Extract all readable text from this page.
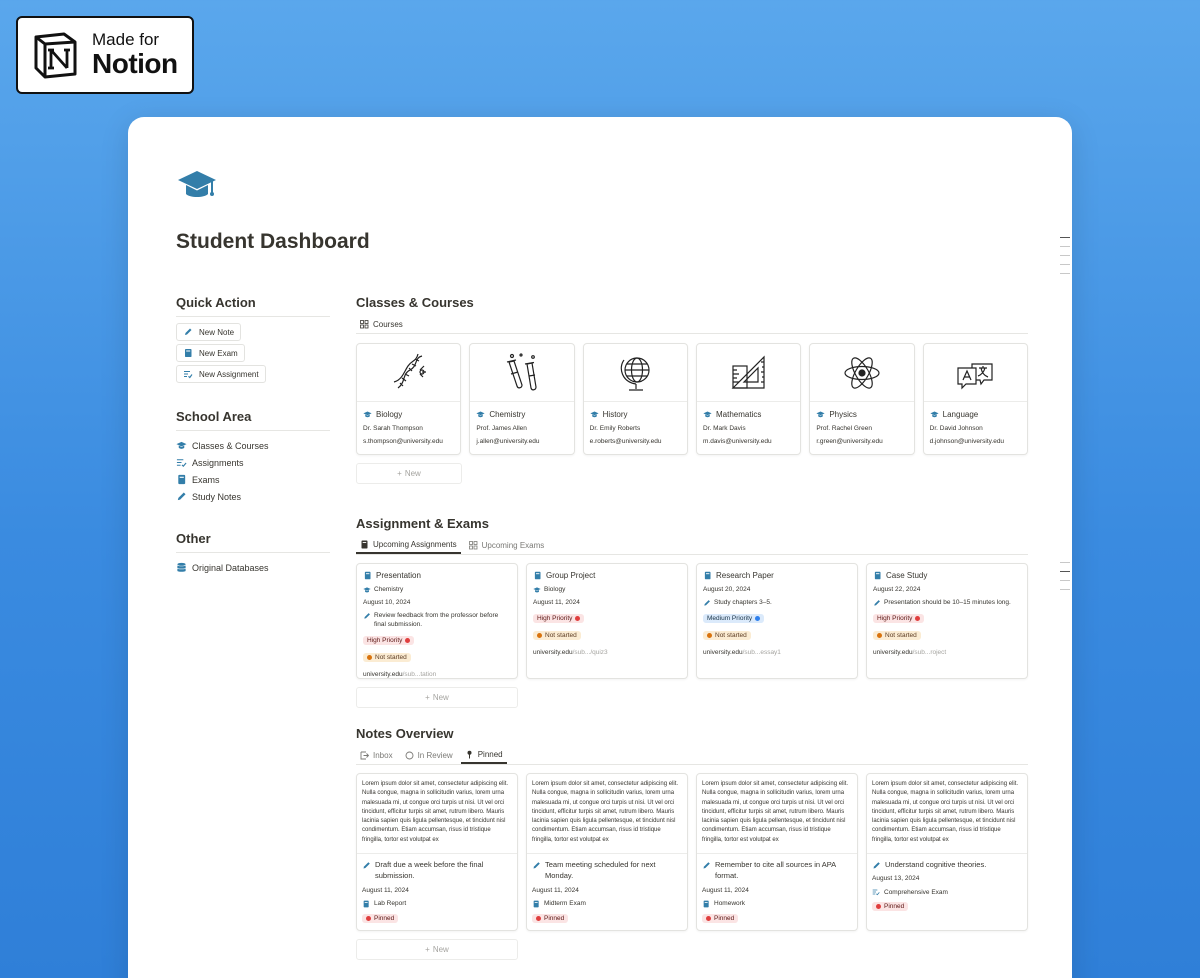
Made for
Notion
Student Dashboard
Quick Action
New Note
New Exam
New Assignment
School Area
Classes & Courses
Assignments
Exams
Study Notes
Other
Original Databases
Classes & Courses
Courses
Biology
Dr. Sarah Thompson
s.thompson@university.edu
Chemistry
Prof. James Allen
j.allen@university.edu
History
Dr. Emily Roberts
e.roberts@university.edu
Mathematics
Dr. Mark Davis
m.davis@university.edu
Physics
Prof. Rachel Green
r.green@university.edu
Language
Dr. David Johnson
d.johnson@university.edu
+ New
Assignment & Exams
Upcoming Assignments	Upcoming Exams
Presentation
Chemistry
August 10, 2024
Review feedback from the professor before final submission.
High Priority
Not started
university.edu/sub...tation
Group Project
Biology
August 11, 2024
High Priority
Not started
university.edu/sub.../quiz3
Research Paper
August 20, 2024
Study chapters 3–5.
Medium Priority
Not started
university.edu/sub...essay1
Case Study
August 22, 2024
Presentation should be 10–15 minutes long.
High Priority
Not started
university.edu/sub...roject
+ New
Notes Overview
Inbox	In Review	Pinned
Lorem ipsum dolor sit amet, consectetur adipiscing elit. Nulla congue, magna in sollicitudin varius, lorem urna malesuada mi, ut congue orci turpis ut nisi. Ut vel orci tincidunt, efficitur turpis sit amet, rutrum libero. Mauris lacinia sapien quis ligula pellentesque, et tincidunt nisl condimentum. Etiam accumsan, risus id tristique fringilla, tortor est volutpat ex
Draft due a week before the final submission.
August 11, 2024
Lab Report
Pinned
Lorem ipsum dolor sit amet, consectetur adipiscing elit. Nulla congue, magna in sollicitudin varius, lorem urna malesuada mi, ut congue orci turpis ut nisi. Ut vel orci tincidunt, efficitur turpis sit amet, rutrum libero. Mauris lacinia sapien quis ligula pellentesque, et tincidunt nisl condimentum. Etiam accumsan, risus id tristique fringilla, tortor est volutpat ex
Team meeting scheduled for next Monday.
August 11, 2024
Midterm Exam
Pinned
Lorem ipsum dolor sit amet, consectetur adipiscing elit. Nulla congue, magna in sollicitudin varius, lorem urna malesuada mi, ut congue orci turpis ut nisi. Ut vel orci tincidunt, efficitur turpis sit amet, rutrum libero. Mauris lacinia sapien quis ligula pellentesque, et tincidunt nisl condimentum. Etiam accumsan, risus id tristique fringilla, tortor est volutpat ex
Remember to cite all sources in APA format.
August 11, 2024
Homework
Pinned
Lorem ipsum dolor sit amet, consectetur adipiscing elit. Nulla congue, magna in sollicitudin varius, lorem urna malesuada mi, ut congue orci turpis ut nisi. Ut vel orci tincidunt, efficitur turpis sit amet, rutrum libero. Mauris lacinia sapien quis ligula pellentesque, et tincidunt nisl condimentum. Etiam accumsan, risus id tristique fringilla, tortor est volutpat ex
Understand cognitive theories.
August 13, 2024
Comprehensive Exam
Pinned
+ New
